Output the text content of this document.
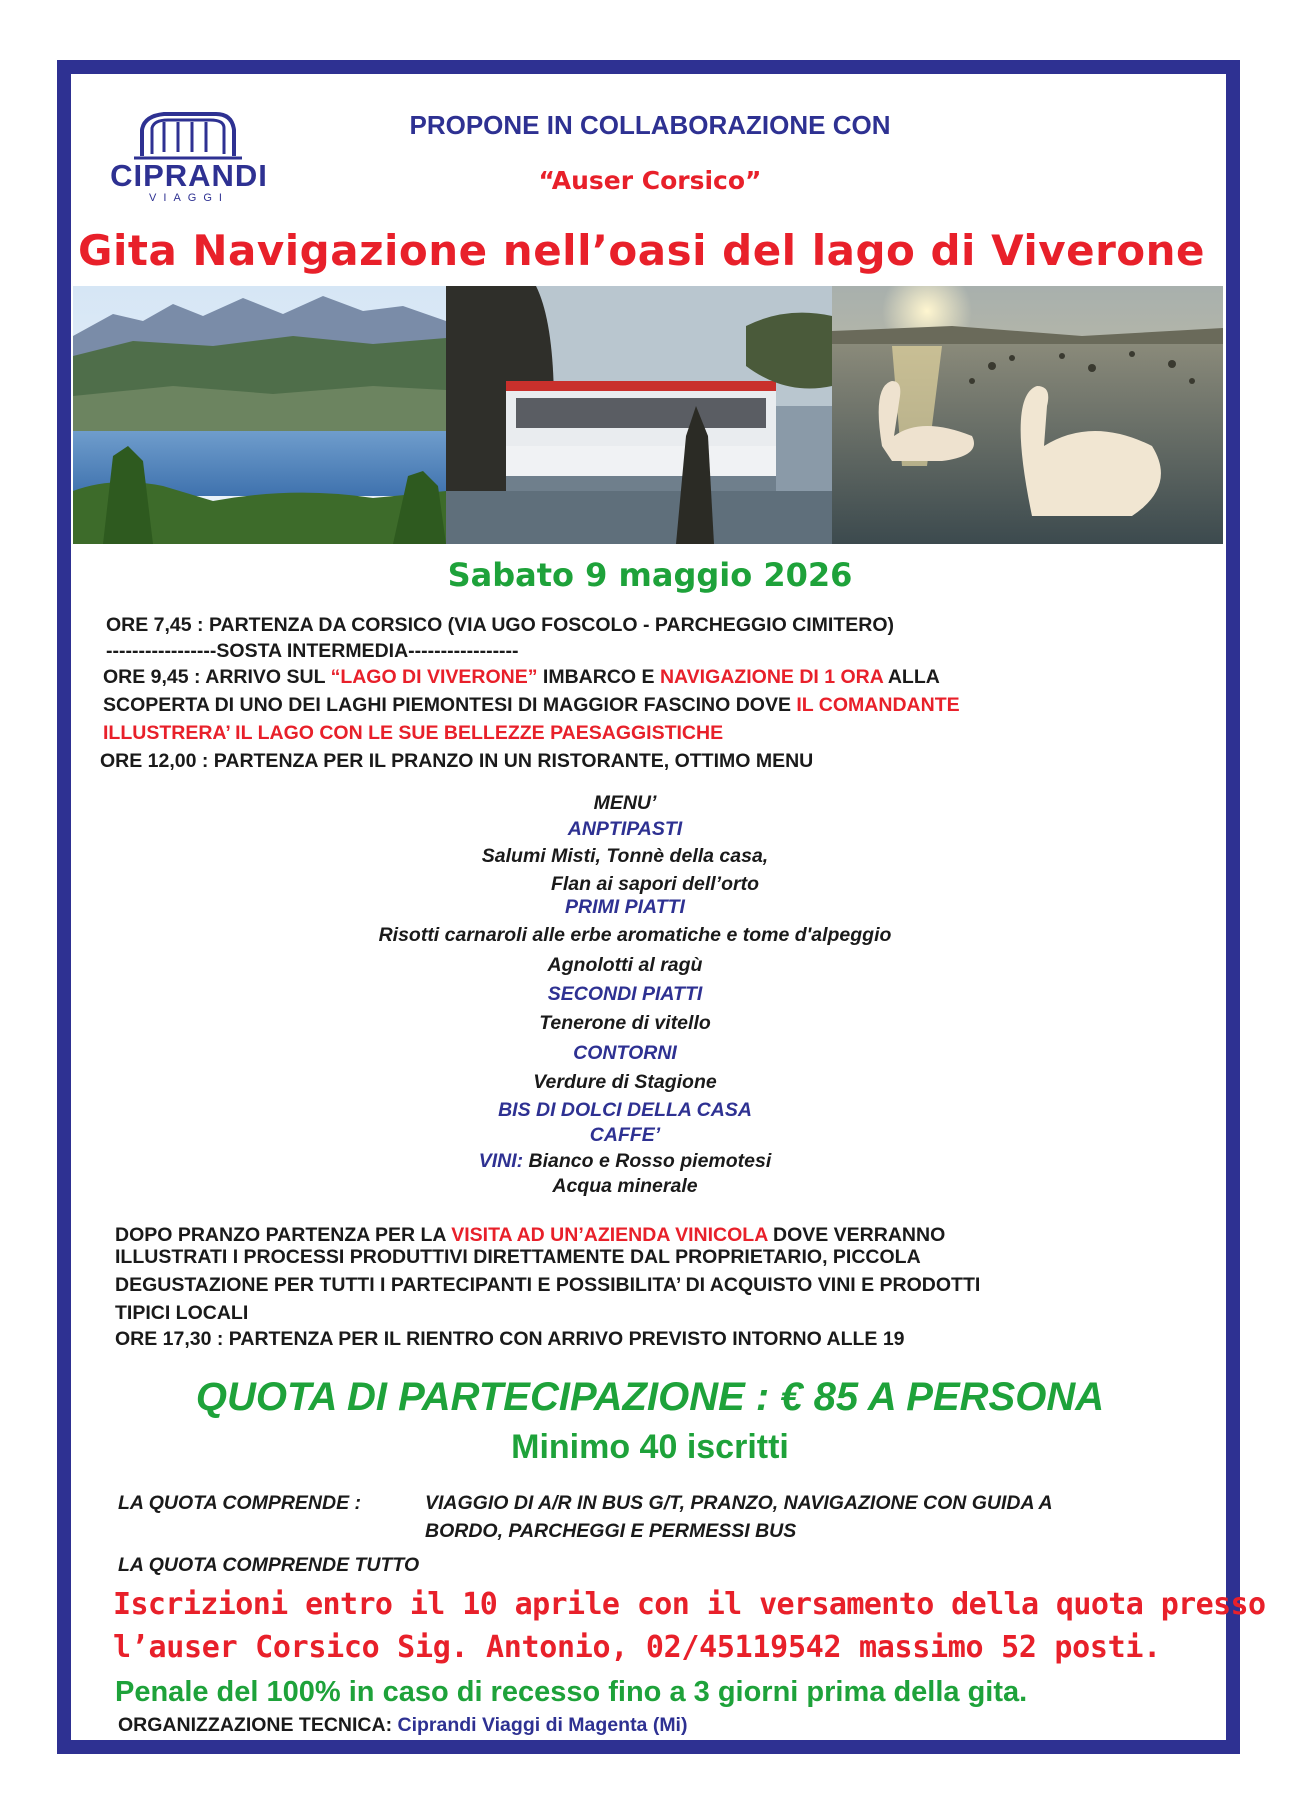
CIPRANDI
VIAGGI
PROPONE IN COLLABORAZIONE CON
“Auser Corsico”
Gita Navigazione nell’oasi del lago di Viverone
Sabato 9 maggio 2026
ORE 7,45 : PARTENZA DA CORSICO (VIA UGO FOSCOLO - PARCHEGGIO CIMITERO)
-----------------SOSTA INTERMEDIA-----------------
ORE 9,45 : ARRIVO SUL “LAGO DI VIVERONE” IMBARCO E NAVIGAZIONE DI 1 ORA ALLA
SCOPERTA DI UNO DEI LAGHI PIEMONTESI DI MAGGIOR FASCINO DOVE IL COMANDANTE
ILLUSTRERA’ IL LAGO CON LE SUE BELLEZZE PAESAGGISTICHE
ORE 12,00 : PARTENZA PER IL PRANZO IN UN RISTORANTE, OTTIMO MENU
MENU’
ANPTIPASTI
Salumi Misti, Tonnè della casa,
Flan ai sapori dell’orto
PRIMI PIATTI
Risotti carnaroli alle erbe aromatiche e tome d'alpeggio
Agnolotti al ragù
SECONDI PIATTI
Tenerone di vitello
CONTORNI
Verdure di Stagione
BIS DI DOLCI DELLA CASA
CAFFE’
VINI: Bianco e Rosso piemotesi
Acqua minerale
DOPO PRANZO PARTENZA PER LA VISITA AD UN’AZIENDA VINICOLA DOVE VERRANNO
ILLUSTRATI I PROCESSI PRODUTTIVI DIRETTAMENTE DAL PROPRIETARIO, PICCOLA
DEGUSTAZIONE PER TUTTI I PARTECIPANTI E POSSIBILITA’ DI ACQUISTO VINI E PRODOTTI
TIPICI LOCALI
ORE 17,30 : PARTENZA PER IL RIENTRO CON ARRIVO PREVISTO INTORNO ALLE 19
QUOTA DI PARTECIPAZIONE : € 85 A PERSONA
Minimo 40 iscritti
LA QUOTA COMPRENDE :	VIAGGIO DI A/R IN BUS G/T, PRANZO, NAVIGAZIONE CON GUIDA A
BORDO, PARCHEGGI E PERMESSI BUS
LA QUOTA COMPRENDE TUTTO
Iscrizioni entro il 10 aprile con il versamento della quota presso
l’auser Corsico Sig. Antonio, 02/45119542 massimo 52 posti.
Penale del 100% in caso di recesso fino a 3 giorni prima della gita.
ORGANIZZAZIONE TECNICA: Ciprandi Viaggi di Magenta (Mi)
